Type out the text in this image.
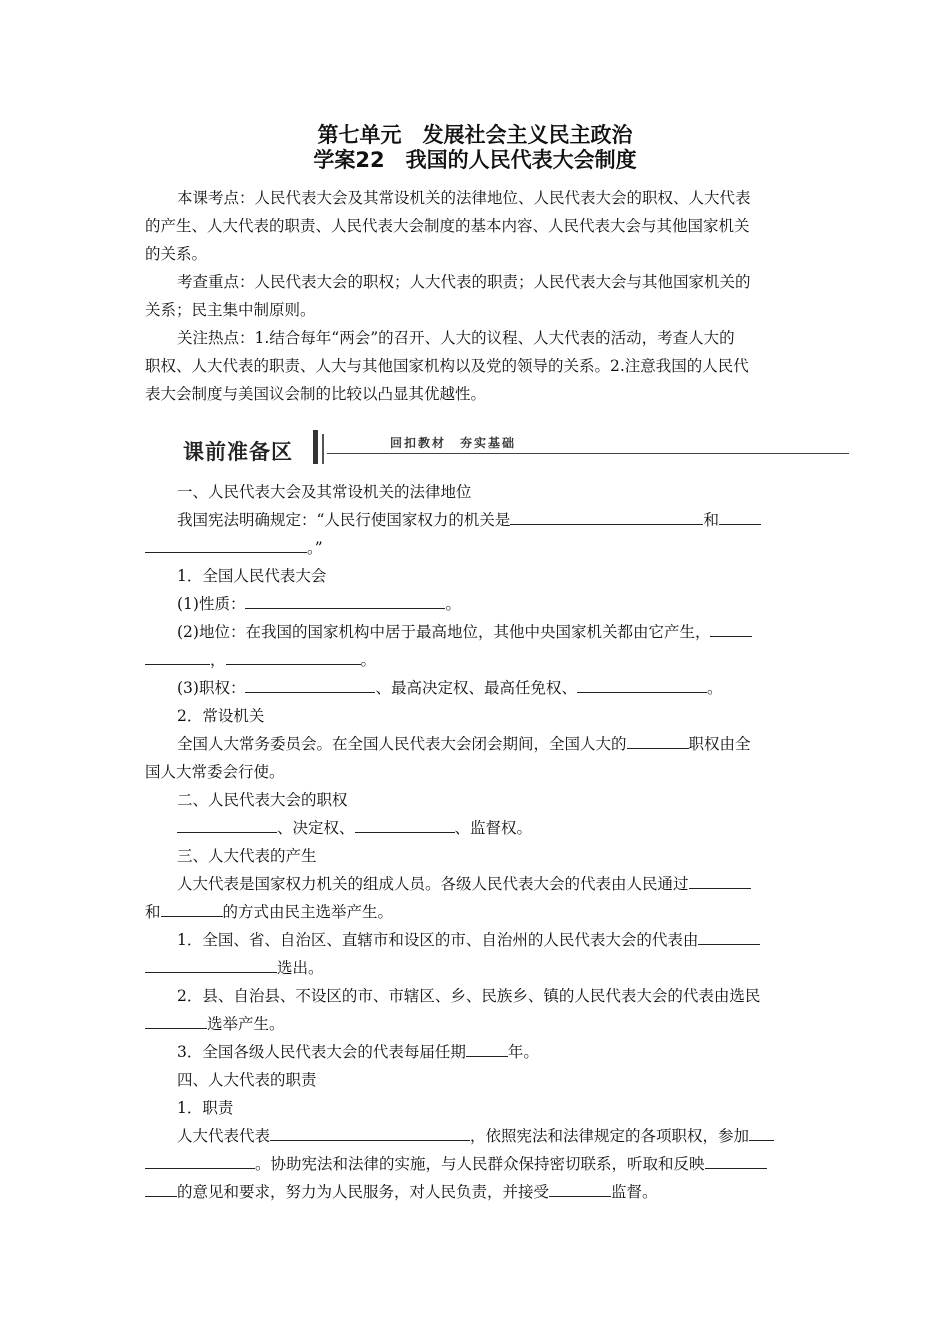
第七单元　发展社会主义民主政治
学案22　我国的人民代表大会制度
本课考点：人民代表大会及其常设机关的法律地位、人民代表大会的职权、人大代表
的产生、人大代表的职责、人民代表大会制度的基本内容、人民代表大会与其他国家机关
的关系。
考查重点：人民代表大会的职权；人大代表的职责；人民代表大会与其他国家机关的
关系；民主集中制原则。
关注热点：1.结合每年“两会”的召开、人大的议程、人大代表的活动，考查人大的
职权、人大代表的职责、人大与其他国家机构以及党的领导的关系。2.注意我国的人民代
表大会制度与美国议会制的比较以凸显其优越性。
课前准备区	回扣教材　夯实基础
一、人民代表大会及其常设机关的法律地位
我国宪法明确规定：“人民行使国家权力的机关是	和
。”
1．全国人民代表大会
(1)性质：	。
(2)地位：在我国的国家机构中居于最高地位，其他中央国家机关都由它产生，
，	。
(3)职权：	、最高决定权、最高任免权、	。
2．常设机关
全国人大常务委员会。在全国人民代表大会闭会期间，全国人大的	职权由全
国人大常委会行使。
二、人民代表大会的职权
、决定权、	、监督权。
三、人大代表的产生
人大代表是国家权力机关的组成人员。各级人民代表大会的代表由人民通过
和	的方式由民主选举产生。
1．全国、省、自治区、直辖市和设区的市、自治州的人民代表大会的代表由
选出。
2．县、自治县、不设区的市、市辖区、乡、民族乡、镇的人民代表大会的代表由选民
选举产生。
3．全国各级人民代表大会的代表每届任期	年。
四、人大代表的职责
1．职责
人大代表代表	，依照宪法和法律规定的各项职权，参加
。协助宪法和法律的实施，与人民群众保持密切联系，听取和反映
的意见和要求，努力为人民服务，对人民负责，并接受	监督。
